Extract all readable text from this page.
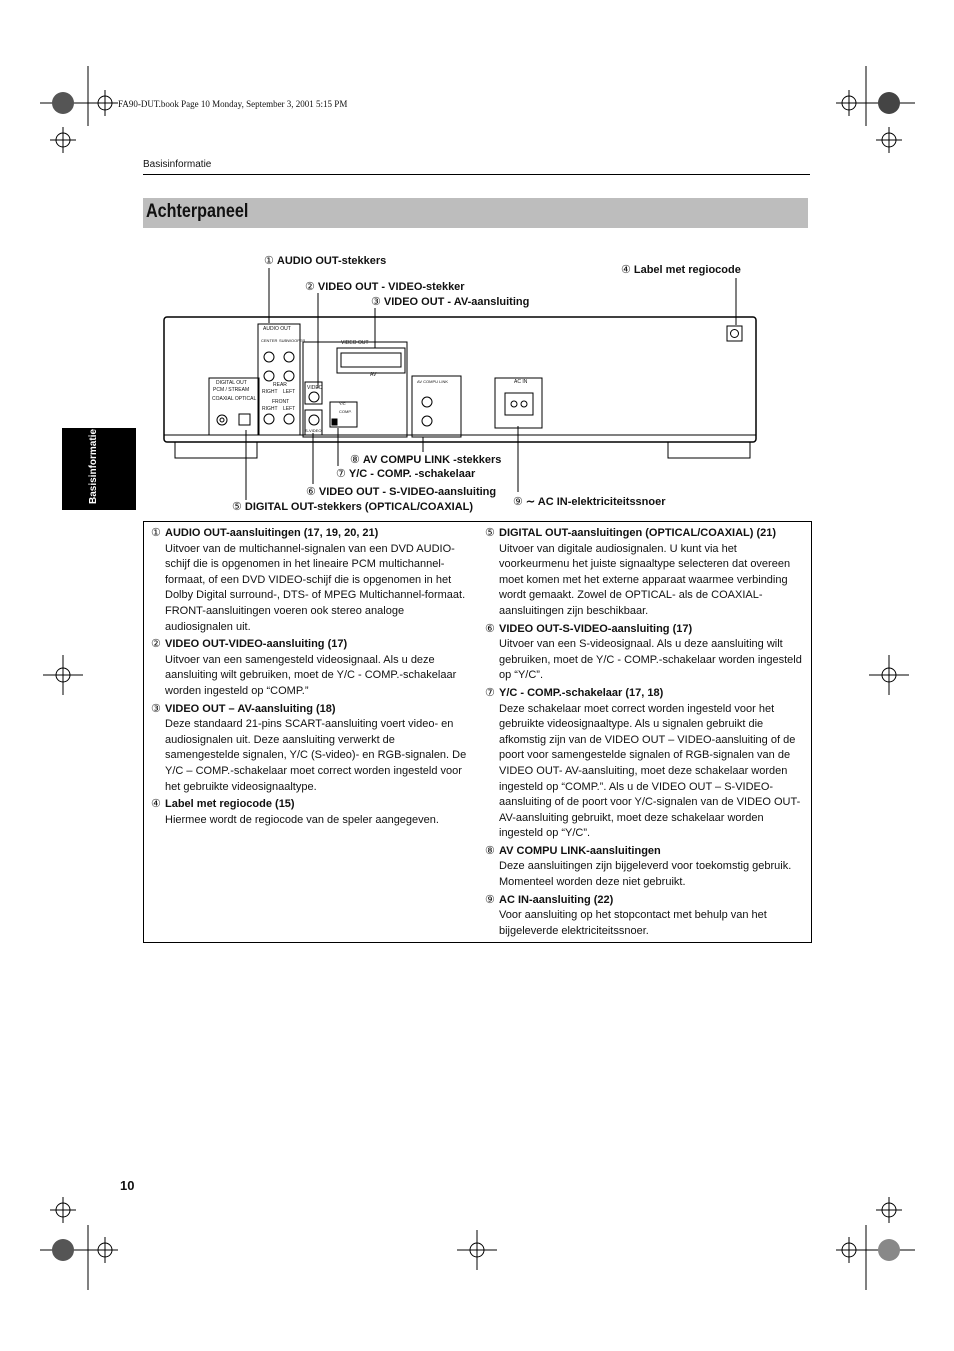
FA90-DUT.book Page 10 Monday, September 3, 2001 5:15 PM
Basisinformatie
Achterpaneel
Basisinformatie
AUDIO OUT
CENTER SUBWOOFER
REAR
RIGHT LEFT
FRONT
RIGHT LEFT
DIGITAL OUT
PCM / STREAM
COAXIAL OPTICAL
VIDEO OUT
AV
VIDEO
S-VIDEO
Y/C
COMP.
AV COMPU LINK	AC IN
① AUDIO OUT-stekkers
② VIDEO OUT - VIDEO-stekker
③ VIDEO OUT - AV-aansluiting
④ Label met regiocode
⑧ AV COMPU LINK -stekkers
⑦ Y/C - COMP. -schakelaar
⑥ VIDEO OUT - S-VIDEO-aansluiting
⑨ ∼ AC IN-elektriciteitssnoer
⑤ DIGITAL OUT-stekkers (OPTICAL/COAXIAL)
① AUDIO OUT-aansluitingen (17, 19, 20, 21)
Uitvoer van de multichannel-signalen van een DVD AUDIO-schijf die is opgenomen in het lineaire PCM multichannel-formaat, of een DVD VIDEO-schijf die is opgenomen in het Dolby Digital surround-, DTS- of MPEG Multichannel-formaat. FRONT-aansluitingen voeren ook stereo analoge audiosignalen uit.
② VIDEO OUT-VIDEO-aansluiting (17)
Uitvoer van een samengesteld videosignaal. Als u deze aansluiting wilt gebruiken, moet de Y/C - COMP.-schakelaar worden ingesteld op “COMP.”
③ VIDEO OUT – AV-aansluiting (18)
Deze standaard 21-pins SCART-aansluiting voert video- en audiosignalen uit. Deze aansluiting verwerkt de samengestelde signalen, Y/C (S-video)- en RGB-signalen. De Y/C – COMP.-schakelaar moet correct worden ingesteld voor het gebruikte videosignaaltype.
④ Label met regiocode (15)
Hiermee wordt de regiocode van de speler aangegeven.
⑤ DIGITAL OUT-aansluitingen (OPTICAL/COAXIAL) (21)
Uitvoer van digitale audiosignalen. U kunt via het voorkeurmenu het juiste signaaltype selecteren dat overeen moet komen met het externe apparaat waarmee verbinding wordt gemaakt. Zowel de OPTICAL- als de COAXIAL-aansluitingen zijn beschikbaar.
⑥ VIDEO OUT-S-VIDEO-aansluiting (17)
Uitvoer van een S-videosignaal. Als u deze aansluiting wilt gebruiken, moet de Y/C - COMP.-schakelaar worden ingesteld op “Y/C”.
⑦ Y/C - COMP.-schakelaar (17, 18)
Deze schakelaar moet correct worden ingesteld voor het gebruikte videosignaaltype. Als u signalen gebruikt die afkomstig zijn van de VIDEO OUT – VIDEO-aansluiting of de poort voor samengestelde signalen of RGB-signalen van de VIDEO OUT- AV-aansluiting, moet deze schakelaar worden ingesteld op “COMP.”. Als u de VIDEO OUT – S-VIDEO-aansluiting of de poort voor Y/C-signalen van de VIDEO OUT- AV-aansluiting gebruikt, moet deze schakelaar worden ingesteld op “Y/C”.
⑧ AV COMPU LINK-aansluitingen
Deze aansluitingen zijn bijgeleverd voor toekomstig gebruik. Momenteel worden deze niet gebruikt.
⑨ AC IN-aansluiting (22)
Voor aansluiting op het stopcontact met behulp van het bijgeleverde elektriciteitssnoer.
10
